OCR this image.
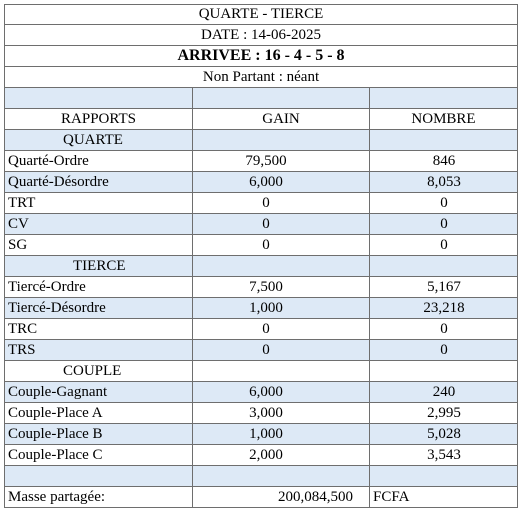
QUARTE - TIERCE		
DATE : 14-06-2025		
ARRIVEE : 16 - 4 - 5 - 8		
Non Partant : néant		

RAPPORTS	GAIN	NOMBRE
QUARTE		
Quarté-Ordre	79,500	846
Quarté-Désordre	6,000	8,053
TRT	0	0
CV	0	0
SG	0	0
TIERCE		
Tiercé-Ordre	7,500	5,167
Tiercé-Désordre	1,000	23,218
TRC	0	0
TRS	0	0
COUPLE		
Couple-Gagnant	6,000	240
Couple-Place A	3,000	2,995
Couple-Place B	1,000	5,028
Couple-Place C	2,000	3,543

Masse partagée:	200,084,500	FCFA
